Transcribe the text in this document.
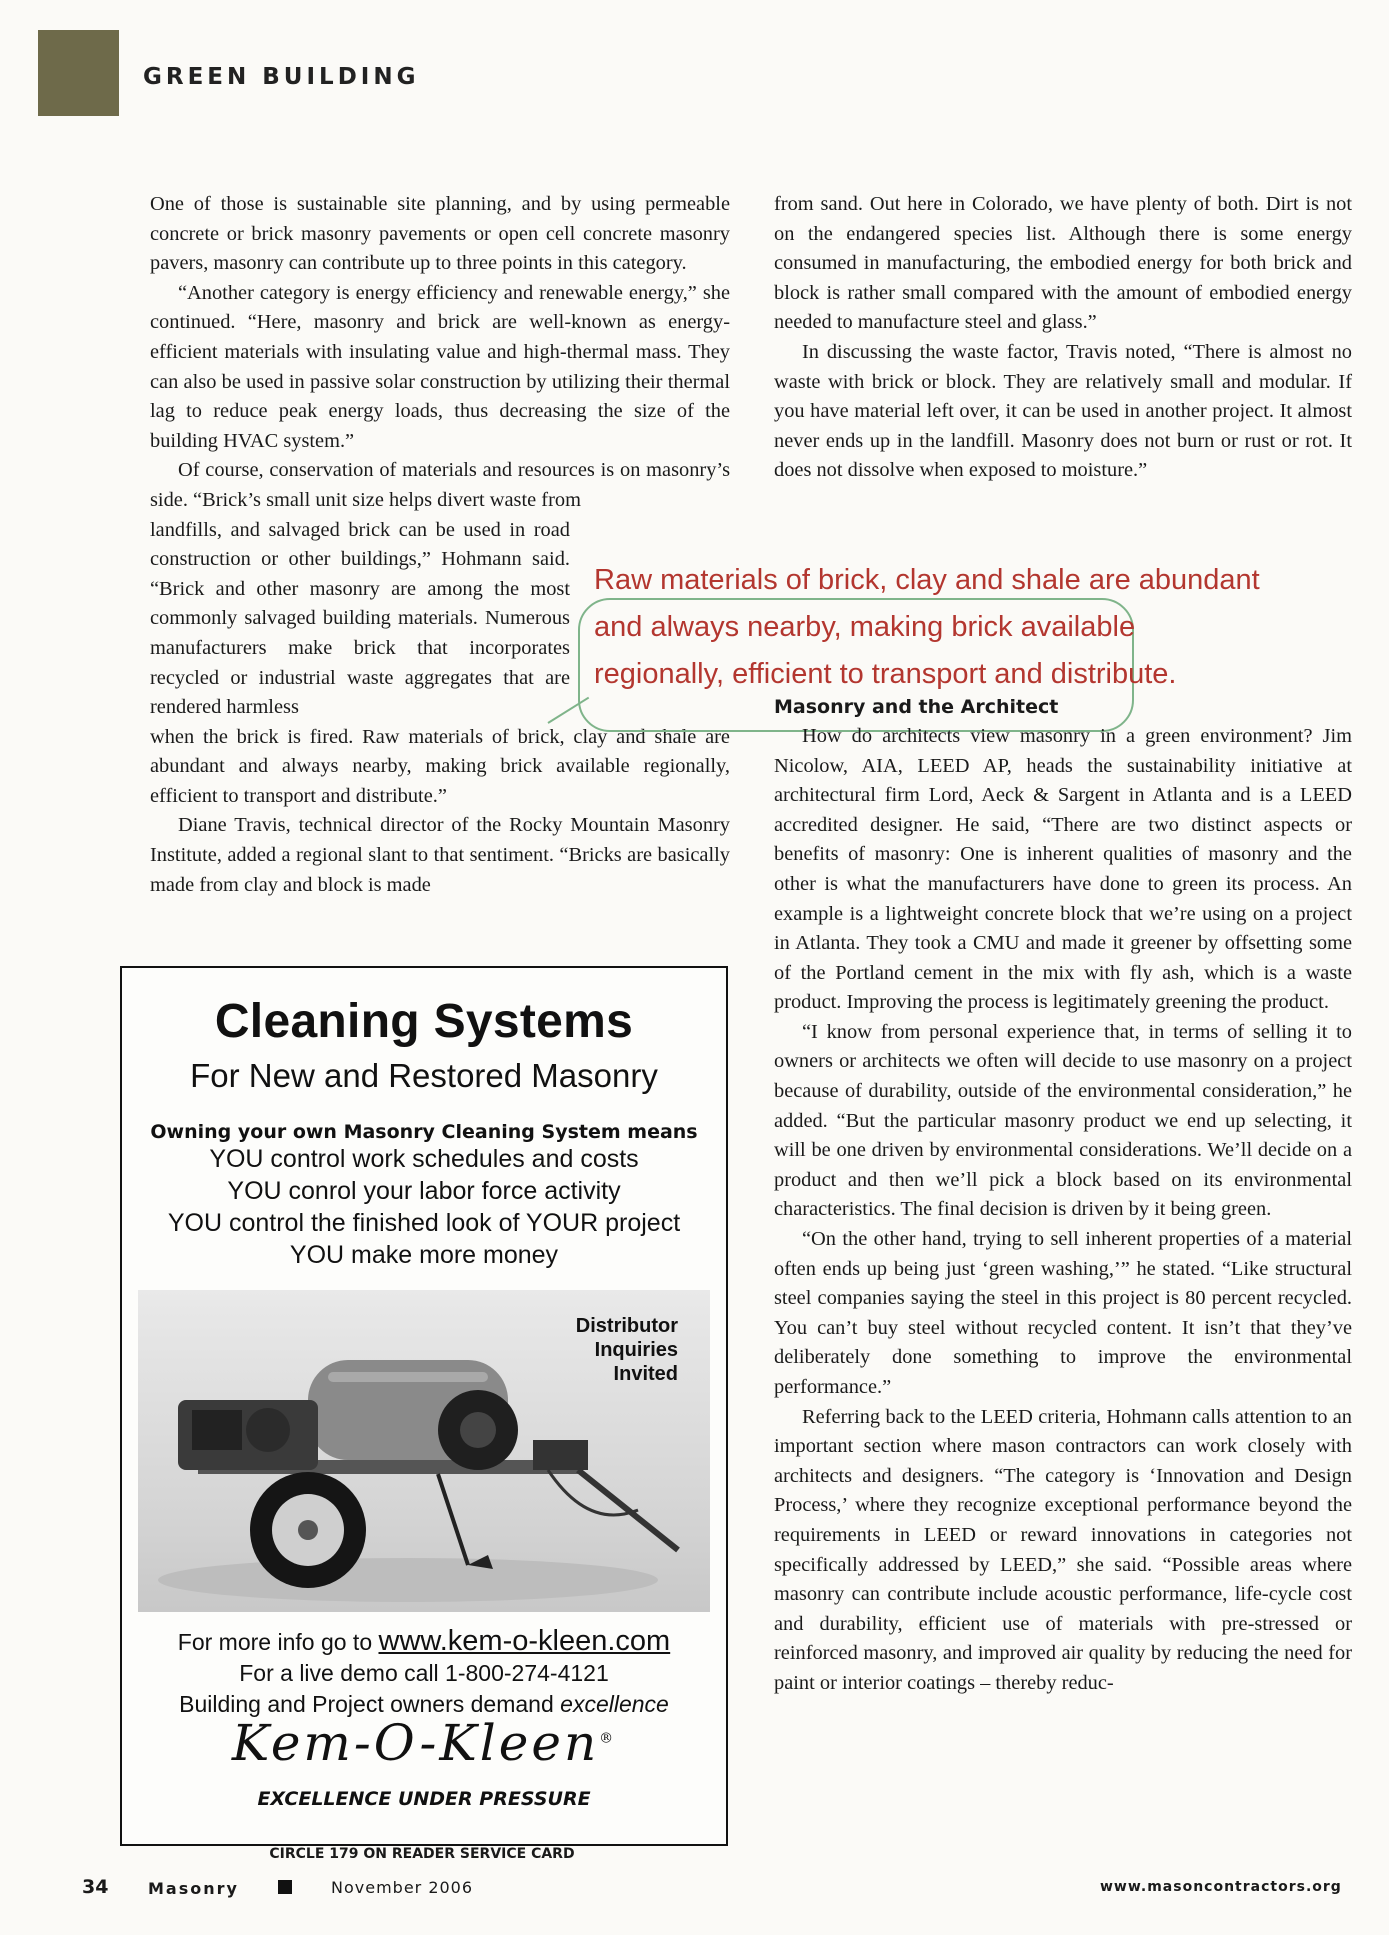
GREEN BUILDING

One of those is sustainable site planning, and by using permeable concrete or brick masonry pavements or open cell concrete masonry pavers, masonry can contribute up to three points in this category.

“Another category is energy efficiency and renewable energy,” she continued. “Here, masonry and brick are well-known as energy-efficient materials with insulating value and high-thermal mass. They can also be used in passive solar construction by utilizing their thermal lag to reduce peak energy loads, thus decreasing the size of the building HVAC system.”

Of course, conservation of materials and resources is on masonry’s side. “Brick’s small unit size helps divert waste from

landfills, and salvaged brick can be used in road construction or other buildings,” Hohmann said. “Brick and other masonry are among the most commonly salvaged building materials. Numerous manufacturers make brick that incorporates recycled or industrial waste aggregates that are rendered harmless

when the brick is fired. Raw materials of brick, clay and shale are abundant and always nearby, making brick available regionally, efficient to transport and distribute.”

Diane Travis, technical director of the Rocky Mountain Masonry Institute, added a regional slant to that sentiment. “Bricks are basically made from clay and block is made

Raw materials of brick, clay and shale are abundant
and always nearby, making brick available
regionally, efficient to transport and distribute.

from sand. Out here in Colorado, we have plenty of both. Dirt is not on the endangered species list. Although there is some energy consumed in manufacturing, the embodied energy for both brick and block is rather small compared with the amount of embodied energy needed to manufacture steel and glass.”

In discussing the waste factor, Travis noted, “There is almost no waste with brick or block. They are relatively small and modular. If you have material left over, it can be used in another project. It almost never ends up in the landfill. Masonry does not burn or rust or rot. It does not dissolve when exposed to moisture.”

Masonry and the Architect

How do architects view masonry in a green environment? Jim Nicolow, AIA, LEED AP, heads the sustainability initiative at architectural firm Lord, Aeck & Sargent in Atlanta and is a LEED accredited designer. He said, “There are two distinct aspects or benefits of masonry: One is inherent qualities of masonry and the other is what the manufacturers have done to green its process. An example is a lightweight concrete block that we’re using on a project in Atlanta. They took a CMU and made it greener by offsetting some of the Portland cement in the mix with fly ash, which is a waste product. Improving the process is legitimately greening the product.

“I know from personal experience that, in terms of selling it to owners or architects we often will decide to use masonry on a project because of durability, outside of the environmental consideration,” he added. “But the particular masonry product we end up selecting, it will be one driven by environmental considerations. We’ll decide on a product and then we’ll pick a block based on its environmental characteristics. The final decision is driven by it being green.

“On the other hand, trying to sell inherent properties of a material often ends up being just ‘green washing,’” he stated. “Like structural steel companies saying the steel in this project is 80 percent recycled. You can’t buy steel without recycled content. It isn’t that they’ve deliberately done something to improve the environmental performance.”

Referring back to the LEED criteria, Hohmann calls attention to an important section where mason contractors can work closely with architects and designers. “The category is ‘Innovation and Design Process,’ where they recognize exceptional performance beyond the requirements in LEED or reward innovations in categories not specifically addressed by LEED,” she said. “Possible areas where masonry can contribute include acoustic performance, life-cycle cost and durability, efficient use of materials with pre-stressed or reinforced masonry, and improved air quality by reducing the need for paint or interior coatings – thereby reduc-

Cleaning Systems
For New and Restored Masonry
Owning your own Masonry Cleaning System means
YOU control work schedules and costs
YOU conrol your labor force activity
YOU control the finished look of YOUR project
YOU make more money
Distributor
Inquiries
Invited
For more info go to www.kem-o-kleen.com
For a live demo call 1-800-274-4121
Building and Project owners demand excellence
Kem-O-Kleen®
EXCELLENCE UNDER PRESSURE
CIRCLE 179 ON READER SERVICE CARD
34 Masonry	November 2006	www.masoncontractors.org
